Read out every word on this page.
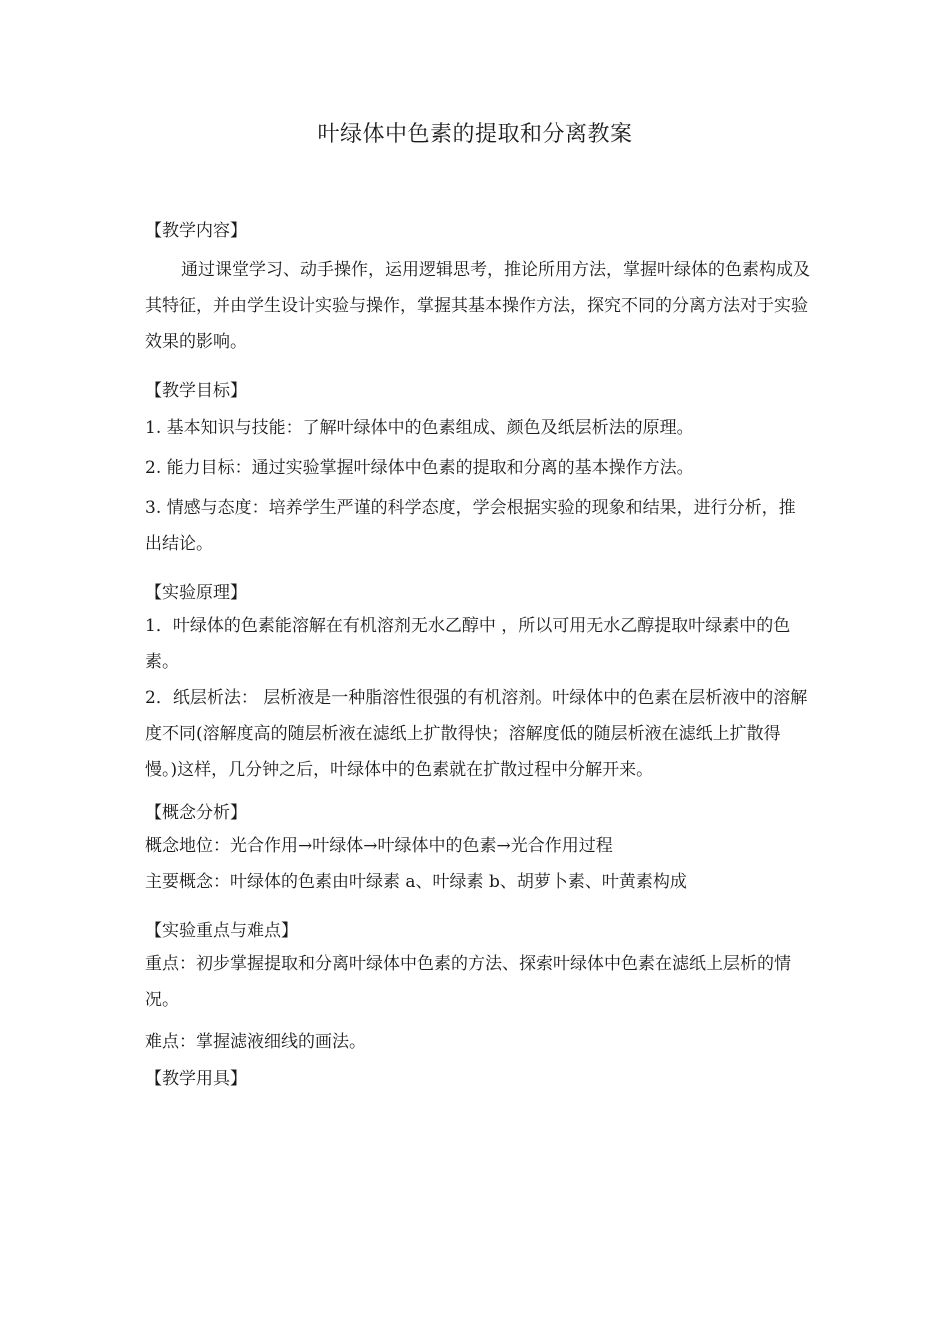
叶绿体中色素的提取和分离教案

【教学内容】

通过课堂学习、动手操作，运用逻辑思考，推论所用方法，掌握叶绿体的色素构成及其特征，并由学生设计实验与操作，掌握其基本操作方法，探究不同的分离方法对于实验效果的影响。

【教学目标】

1. 基本知识与技能：了解叶绿体中的色素组成、颜色及纸层析法的原理。

2. 能力目标：通过实验掌握叶绿体中色素的提取和分离的基本操作方法。

3. 情感与态度：培养学生严谨的科学态度，学会根据实验的现象和结果，进行分析，推出结论。

【实验原理】

1．叶绿体的色素能溶解在有机溶剂无水乙醇中 ，所以可用无水乙醇提取叶绿素中的色素。

2．纸层析法： 层析液是一种脂溶性很强的有机溶剂。叶绿体中的色素在层析液中的溶解度不同(溶解度高的随层析液在滤纸上扩散得快；溶解度低的随层析液在滤纸上扩散得慢。)这样，几分钟之后，叶绿体中的色素就在扩散过程中分解开来。

【概念分析】

概念地位：光合作用→叶绿体→叶绿体中的色素→光合作用过程

主要概念：叶绿体的色素由叶绿素 a、叶绿素 b、胡萝卜素、叶黄素构成

【实验重点与难点】

重点：初步掌握提取和分离叶绿体中色素的方法、探索叶绿体中色素在滤纸上层析的情况。

难点：掌握滤液细线的画法。

【教学用具】
